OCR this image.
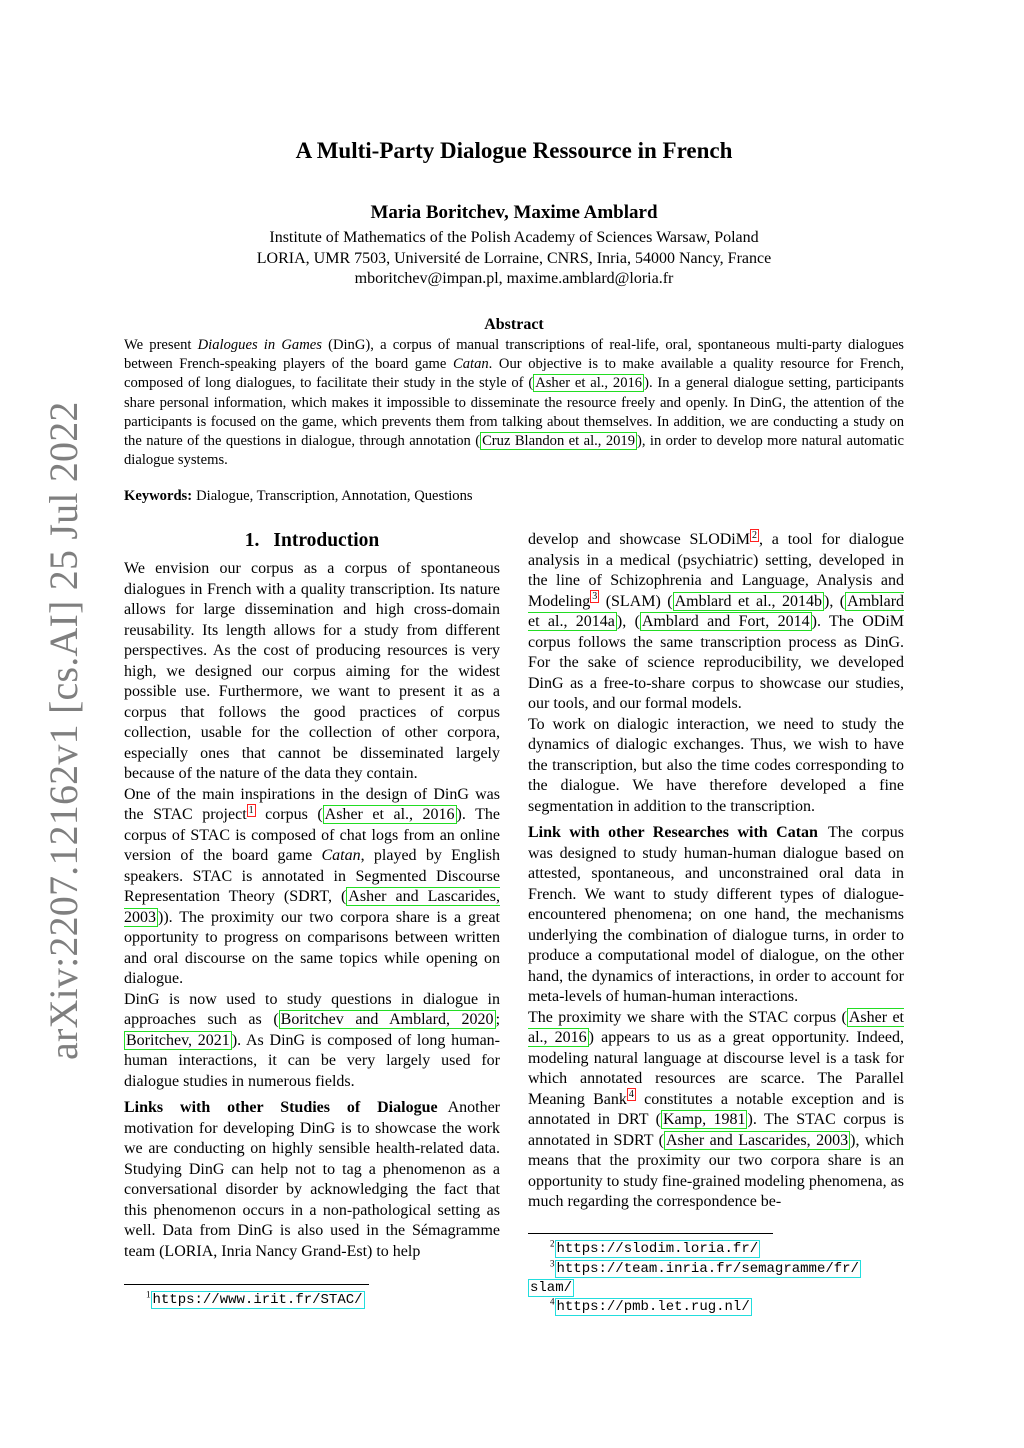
arXiv:2207.12162v1 [cs.AI] 25 Jul 2022
A Multi-Party Dialogue Ressource in French
Maria Boritchev, Maxime Amblard
Institute of Mathematics of the Polish Academy of Sciences Warsaw, Poland
LORIA, UMR 7503, Université de Lorraine, CNRS, Inria, 54000 Nancy, France
mboritchev@impan.pl, maxime.amblard@loria.fr
Abstract

We present Dialogues in Games (DinG), a corpus of manual transcriptions of real-life, oral, spontaneous multi-party dialogues between French-speaking players of the board game Catan. Our objective is to make available a quality resource for French, composed of long dialogues, to facilitate their study in the style of ( Asher et al., 2016 ). In a general dialogue setting, participants share personal information, which makes it impossible to disseminate the resource freely and openly. In DinG, the attention of the participants is focused on the game, which prevents them from talking about themselves. In addition, we are conducting a study on the nature of the questions in dialogue, through annotation ( Cruz Blandon et al., 2019 ), in order to develop more natural automatic dialogue systems.

Keywords: Dialogue, Transcription, Annotation, Questions
1. Introduction

We envision our corpus as a corpus of spontaneous dialogues in French with a quality transcription. Its nature allows for large dissemination and high cross-domain reusability. Its length allows for a study from different perspectives. As the cost of producing resources is very high, we designed our corpus aiming for the widest possible use. Furthermore, we want to present it as a corpus that follows the good practices of corpus collection, usable for the collection of other corpora, especially ones that cannot be disseminated largely because of the nature of the data they contain.

One of the main inspirations in the design of DinG was the STAC project $^1$ corpus ( Asher et al., 2016 ). The corpus of STAC is composed of chat logs from an online version of the board game Catan, played by English speakers. STAC is annotated in Segmented Discourse Representation Theory (SDRT, ( Asher and Lascarides, 2003 )). The proximity our two corpora share is a great opportunity to progress on comparisons between written and oral discourse on the same topics while opening on dialogue.

DinG is now used to study questions in dialogue in approaches such as ( Boritchev and Amblard, 2020 ; Boritchev, 2021 ). As DinG is composed of long human-human interactions, it can be very largely used for dialogue studies in numerous fields.

Links with other Studies of Dialogue Another motivation for developing DinG is to showcase the work we are conducting on highly sensible health-related data. Studying DinG can help not to tag a phenomenon as a conversational disorder by acknowledging the fact that this phenomenon occurs in a non-pathological setting as well. Data from DinG is also used in the Sémagramme team (LORIA, Inria Nancy Grand-Est) to help

develop and showcase SLODiM $^2$ , a tool for dialogue analysis in a medical (psychiatric) setting, developed in the line of Schizophrenia and Language, Analysis and Modeling $^3$ (SLAM) ( Amblard et al., 2014b ), ( Amblard et al., 2014a ), ( Amblard and Fort, 2014 ). The ODiM corpus follows the same transcription process as DinG. For the sake of science reproducibility, we developed DinG as a free-to-share corpus to showcase our studies, our tools, and our formal models.

To work on dialogic interaction, we need to study the dynamics of dialogic exchanges. Thus, we wish to have the transcription, but also the time codes corresponding to the dialogue. We have therefore developed a fine segmentation in addition to the transcription.

Link with other Researches with Catan The corpus was designed to study human-human dialogue based on attested, spontaneous, and unconstrained oral data in French. We want to study different types of dialogue-encountered phenomena; on one hand, the mechanisms underlying the combination of dialogue turns, in order to produce a computational model of dialogue, on the other hand, the dynamics of interactions, in order to account for meta-levels of human-human interactions.

The proximity we share with the STAC corpus ( Asher et al., 2016 ) appears to us as a great opportunity. Indeed, modeling natural language at discourse level is a task for which annotated resources are scarce. The Parallel Meaning Bank $^4$ constitutes a notable exception and is annotated in DRT ( Kamp, 1981 ). The STAC corpus is annotated in SDRT ( Asher and Lascarides, 2003 ), which means that the proximity our two corpora share is an opportunity to study fine-grained modeling phenomena, as much regarding the correspondence be-

$^1$ https://www.irit.fr/STAC/
$^2$ https://slodim.loria.fr/
$^3$ https://team.inria.fr/semagramme/fr/
slam/
$^4$ https://pmb.let.rug.nl/
